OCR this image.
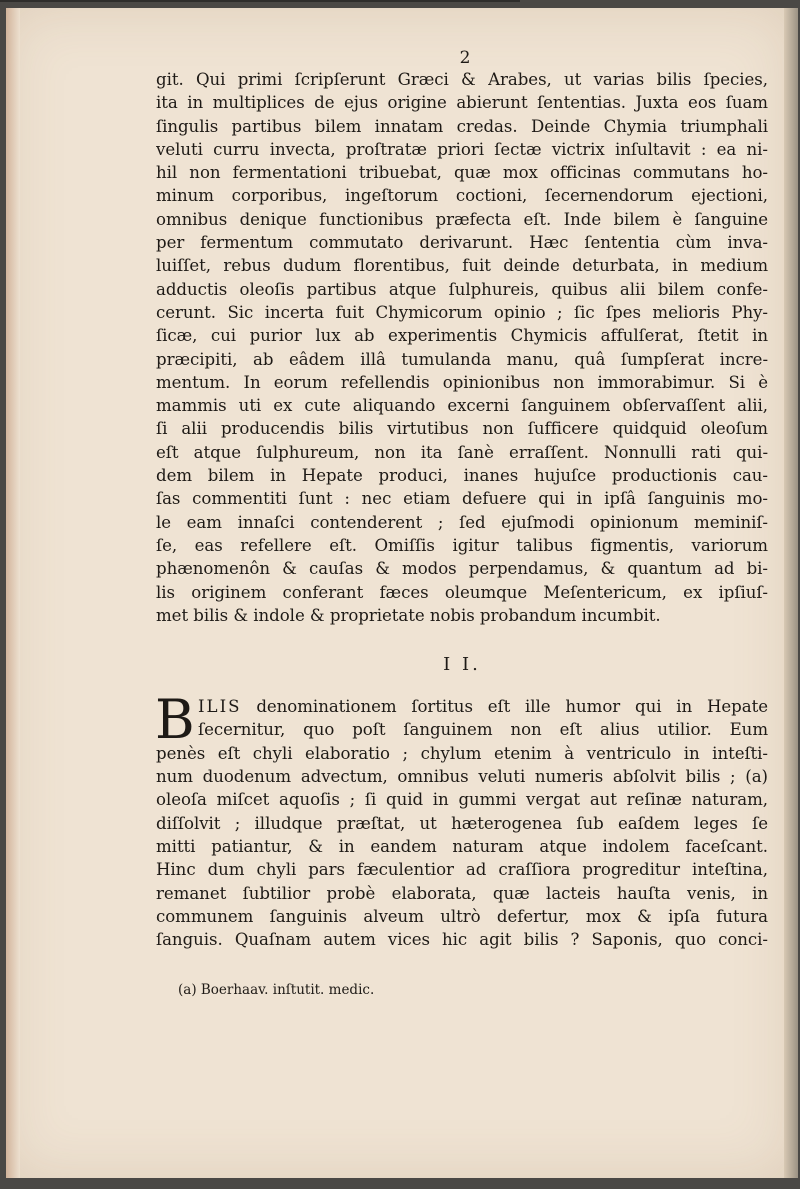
2
git. Qui primi ſcripſerunt Græci & Arabes, ut varias bilis ſpecies,
ita in multiplices de ejus origine abierunt ſententias. Juxta eos ſuam
ſingulis partibus bilem innatam credas. Deinde Chymia triumphali
veluti curru invecta, proſtratæ priori ſectæ victrix inſultavit : ea ni-
hil non fermentationi tribuebat, quæ mox officinas commutans ho-
minum corporibus, ingeſtorum coctioni, ſecernendorum ejectioni,
omnibus denique functionibus præfecta eſt. Inde bilem è ſanguine
per fermentum commutato derivarunt. Hæc ſententia cùm inva-
luiſſet, rebus dudum florentibus, fuit deinde deturbata, in medium
adductis oleoſis partibus atque ſulphureis, quibus alii bilem confe-
cerunt. Sic incerta fuit Chymicorum opinio ; ſic ſpes melioris Phy-
ſicæ, cui purior lux ab experimentis Chymicis affulſerat, ſtetit in
præcipiti, ab eâdem illâ tumulanda manu, quâ ſumpſerat incre-
mentum. In eorum refellendis opinionibus non immorabimur. Si è
mammis uti ex cute aliquando excerni ſanguinem obſervaſſent alii,
ſi alii producendis bilis virtutibus non ſufficere quidquid oleoſum
eſt atque ſulphureum, non ita ſanè erraſſent. Nonnulli rati qui-
dem bilem in Hepate produci, inanes hujuſce productionis cau-
ſas commentiti ſunt : nec etiam defuere qui in ipſâ ſanguinis mo-
le eam innaſci contenderent ; ſed ejuſmodi opinionum meminiſ-
ſe, eas refellere eſt. Omiſſis igitur talibus figmentis, variorum
phænomenôn & cauſas & modos perpendamus, & quantum ad bi-
lis originem conferant fæces oleumque Meſentericum, ex ipſiuſ-
met bilis & indole & proprietate nobis probandum incumbit.
I I.
B ILIS denominationem ſortitus eſt ille humor qui in Hepate
ſecernitur, quo poſt ſanguinem non eſt alius utilior. Eum
penès eſt chyli elaboratio ; chylum etenim à ventriculo in inteſti-
num duodenum advectum, omnibus veluti numeris abſolvit bilis ; (a)
oleoſa miſcet aquoſis ; ſi quid in gummi vergat aut reſinæ naturam,
diſſolvit ; illudque præſtat, ut hæterogenea ſub eaſdem leges ſe
mitti patiantur, & in eandem naturam atque indolem faceſcant.
Hinc dum chyli pars fæculentior ad craſſiora progreditur inteſtina,
remanet ſubtilior probè elaborata, quæ lacteis hauſta venis, in
communem ſanguinis alveum ultrò defertur, mox & ipſa futura
ſanguis. Quaſnam autem vices hic agit bilis ? Saponis, quo conci-
(a) Boerhaav. inſtutit. medic.
